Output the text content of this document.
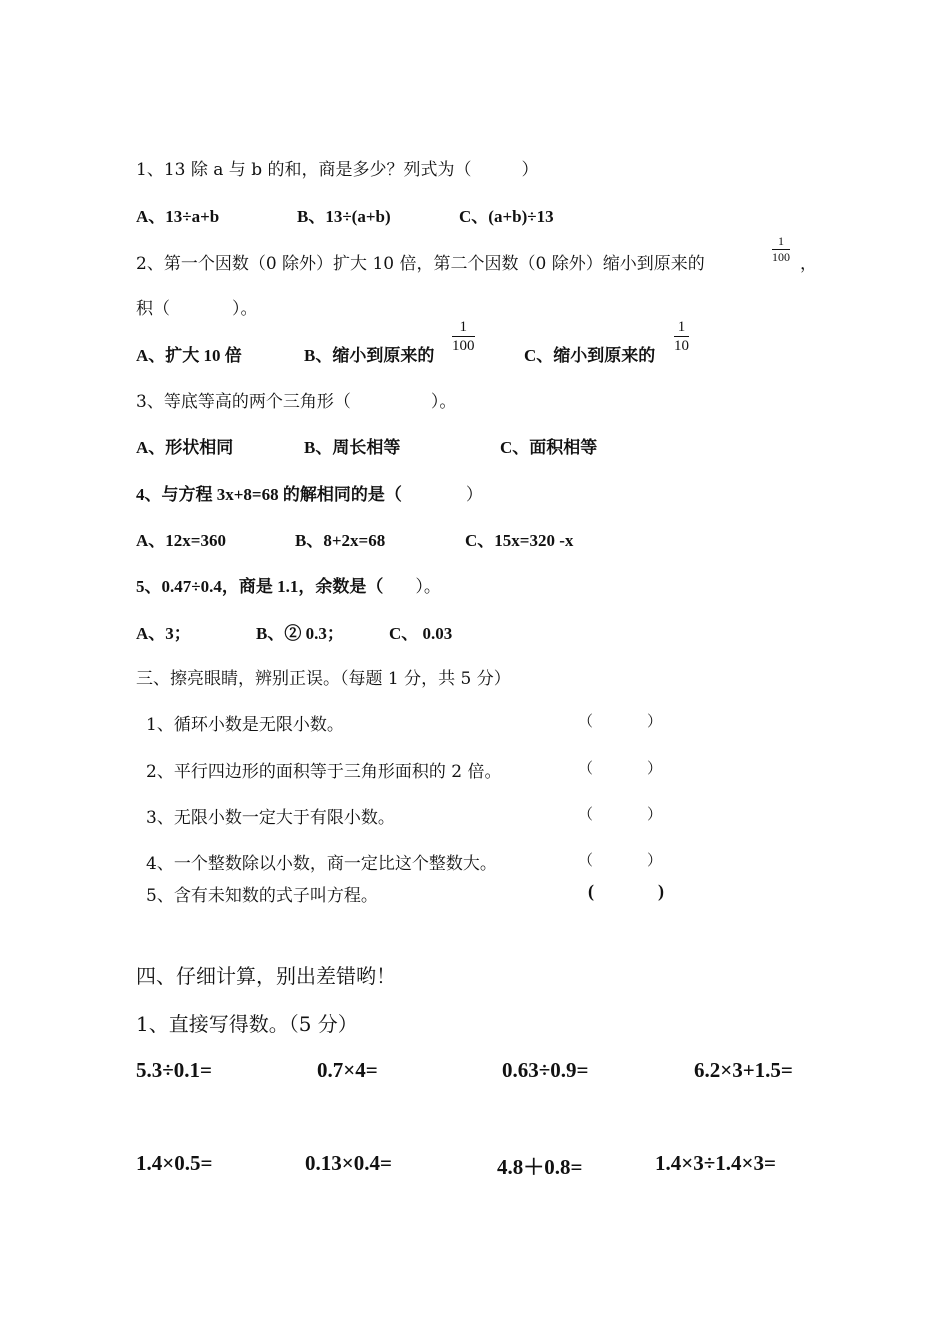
1、13 除 a 与 b 的和，商是多少？列式为（	）
A、13÷a+b	B、13÷(a+b)	C、(a+b)÷13
2、第一个因数（0 除外）扩大 10 倍，第二个因数（0 除外）缩小到原来的	$\frac{1}{100}$ ，
积（	）。
A、扩大 10 倍	B、缩小到原来的
$\frac{1}{100}$
C、缩小到原来的
$\frac{1}{10}$
3、等底等高的两个三角形（	）。
A、形状相同	B、周长相等	C、面积相等
4、与方程 3x+8=68 的解相同的是（	）
A、12x=360	B、8+2x=68	C、15x=320 -x
5、0.47÷0.4，商是 1.1，余数是（ ）。
A、3；	B、② 0.3；	C、 0.03
三、擦亮眼睛，辨别正误。（每题 1 分，共 5 分）
1、循环小数是无限小数。	（	）
2、平行四边形的面积等于三角形面积的 2 倍。	（	）
3、无限小数一定大于有限小数。	（	）
4、一个整数除以小数，商一定比这个整数大。	（	）
5、含有未知数的式子叫方程。	(	)
四、仔细计算，别出差错哟！
1、直接写得数。（5 分）
5.3÷0.1=	0.7×4=	0.63÷0.9=	6.2×3+1.5=
1.4×0.5=	0.13×0.4=	4.8＋0.8=	1.4×3÷1.4×3=
